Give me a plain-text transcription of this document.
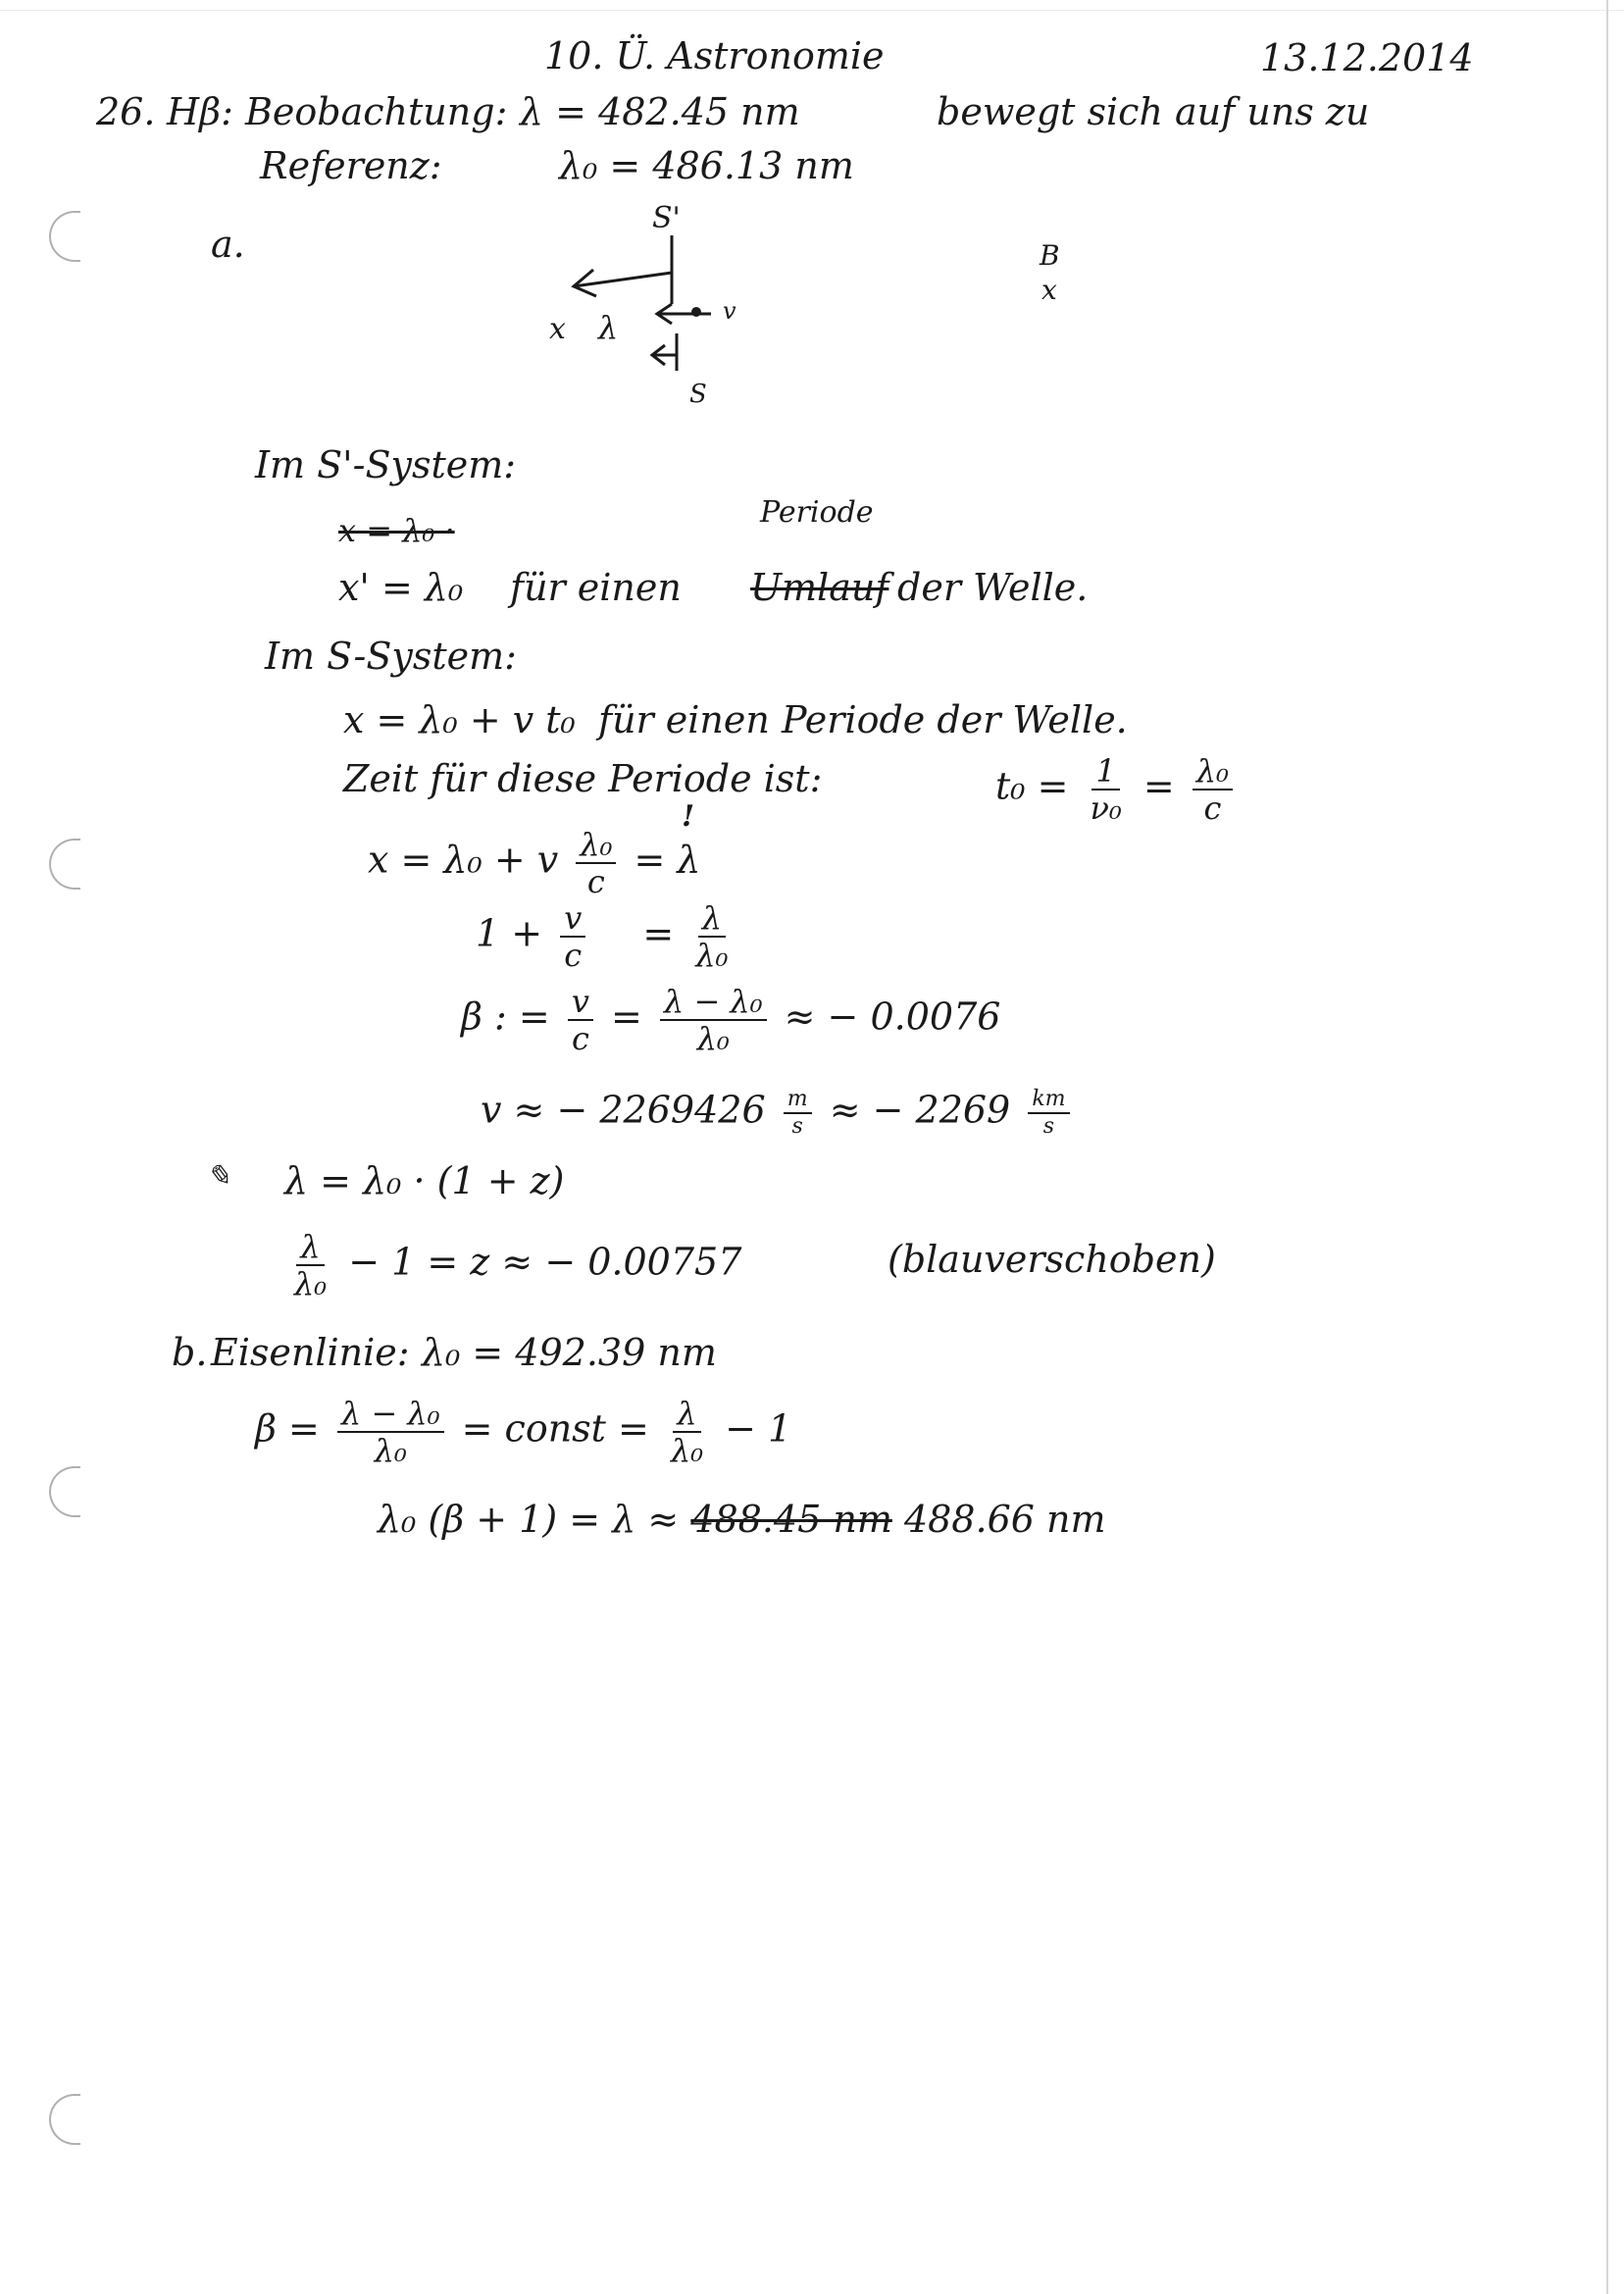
10. Ü. Astronomie	13.12.2014
26. Hβ: Beobachtung: λ = 482.45 nm	bewegt sich auf uns zu
Referenz:	λ₀ = 486.13 nm
a.
S'
x λ	v
S
B
x
Im S'-System:
x = λ₀ ·	Periode
x' = λ₀ für einen Umlauf der Welle.
Im S-System:
x = λ₀ + v t₀ für einen Periode der Welle.
Zeit für diese Periode ist:	$t_0 = \frac{1}{\text{ν₀}} = \frac{\text{λ₀}}{c}$
x = λ₀ + v $\frac{\text{λ₀}}{c} = \lambda$
!
$1 + \frac{v}{c} = \frac{\lambda}{\text{λ₀}}$
β : = $\frac{v}{c} = \frac{\text{λ − λ₀}}{\text{λ₀}}$ ≈ − 0.0076
v ≈ − $2269426 \frac{m}{s}$ ≈ − $2269 \frac{km}{s}$
✎ λ = λ₀ · (1 + z)
$\frac{\lambda}{\text{λ₀}} - 1 = z$ ≈ − 0.00757	(blauverschoben)
b. Eisenlinie: λ₀ = 492.39 nm
$\beta = \frac{\text{λ − λ₀}}{\text{λ₀}}$ = const = $\frac{\lambda}{\text{λ₀}} - 1$
λ₀ (β + 1) = λ ≈ 488.45 nm 488.66 nm
